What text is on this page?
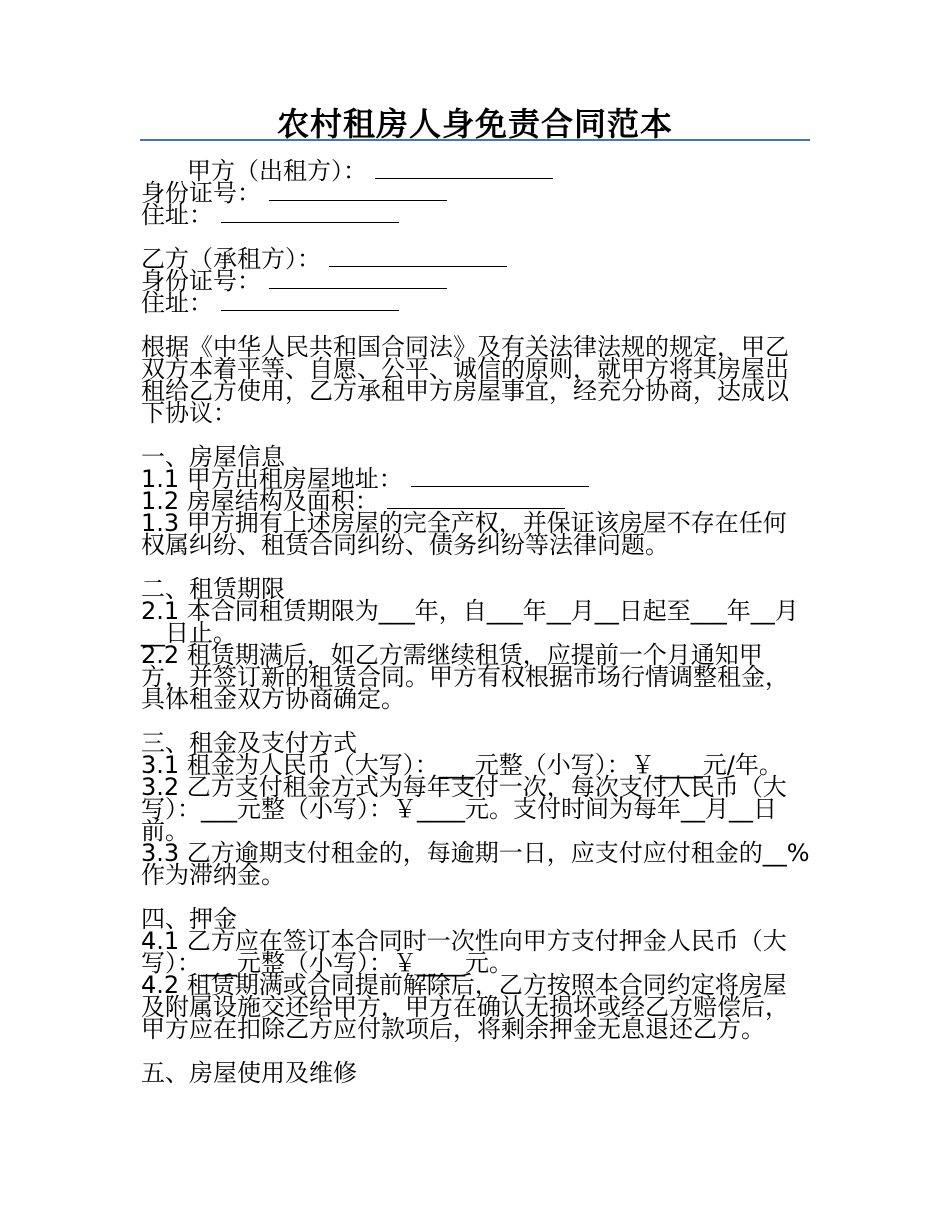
农村租房人身免责合同范本

甲方（出租方）：

身份证号：

住址：

乙方（承租方）：

身份证号：

住址：

根据《中华人民共和国合同法》及有关法律法规的规定，甲乙双方本着平等、自愿、公平、诚信的原则，就甲方将其房屋出租给乙方使用，乙方承租甲方房屋事宜，经充分协商，达成以下协议：

一、房屋信息

1.1 甲方出租房屋地址：

1.2 房屋结构及面积：

1.3 甲方拥有上述房屋的完全产权，并保证该房屋不存在任何权属纠纷、租赁合同纠纷、债务纠纷等法律问题。

二、租赁期限

2.1 本合同租赁期限为___年，自___年__月__日起至___年__月__日止。

2.2 租赁期满后，如乙方需继续租赁，应提前一个月通知甲方，并签订新的租赁合同。甲方有权根据市场行情调整租金，具体租金双方协商确定。

三、租金及支付方式

3.1 租金为人民币（大写）：___元整（小写）：￥____元/年。

3.2 乙方支付租金方式为每年支付一次，每次支付人民币（大写）：___元整（小写）：￥____元。支付时间为每年__月__日前。

3.3 乙方逾期支付租金的，每逾期一日，应支付应付租金的__%作为滞纳金。

四、押金

4.1 乙方应在签订本合同时一次性向甲方支付押金人民币（大写）：___元整（小写）：￥____元。

4.2 租赁期满或合同提前解除后，乙方按照本合同约定将房屋及附属设施交还给甲方，甲方在确认无损坏或经乙方赔偿后，甲方应在扣除乙方应付款项后，将剩余押金无息退还乙方。

五、房屋使用及维修
